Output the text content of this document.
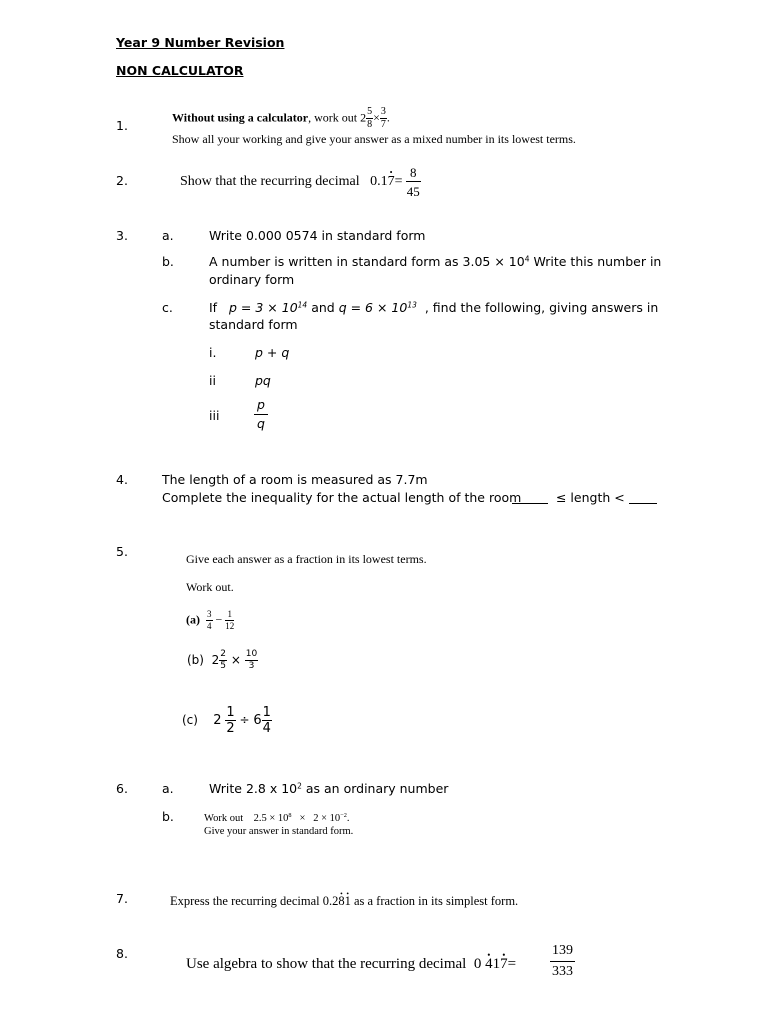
Year 9 Number Revision
NON CALCULATOR
1.
Without using a calculator, work out $2 \frac{5}{8} \times \frac{3}{7}$ .
Show all your working and give your answer as a mixed number in its lowest terms.
2.	Show that the recurring decimal 0.1• $7= \frac{8}{45}$
3.	a.	Write 0.000 0574 in standard form
b.	A number is written in standard form as $3.05 \times 10^4$ Write this number in
ordinary form
c.	If $p = 3 \times 10^{14}$ and $q = 6 \times 10^{13}$ , find the following, giving answers in
standard form
i.	p + q
ii	pq
iii	$\frac{p}{q}$
4.	The length of a room is measured as 7.7m
Complete the inequality for the actual length of the room	≤ length <
5.	Give each answer as a fraction in its lowest terms.
Work out.
$(a) \frac{3}{4} - \frac{1}{12}$
(b) $2 \frac{2}{5} \times \frac{10}{3}$
(c) $2 \frac{1}{2} \div 6 \frac{1}{4}$
6.	a.	Write 2.8 x $10^2$ as an ordinary number
b.	Work out $2.5 \times 10^8 \times 2 \times 10^{-2}$.
Give your answer in standard form.
7.	Express the recurring decimal 0.2• 8• 1 as a fraction in its simplest form.
8.
Use algebra to show that the recurring decimal 0 • 41• $7= \frac{139}{333}$
